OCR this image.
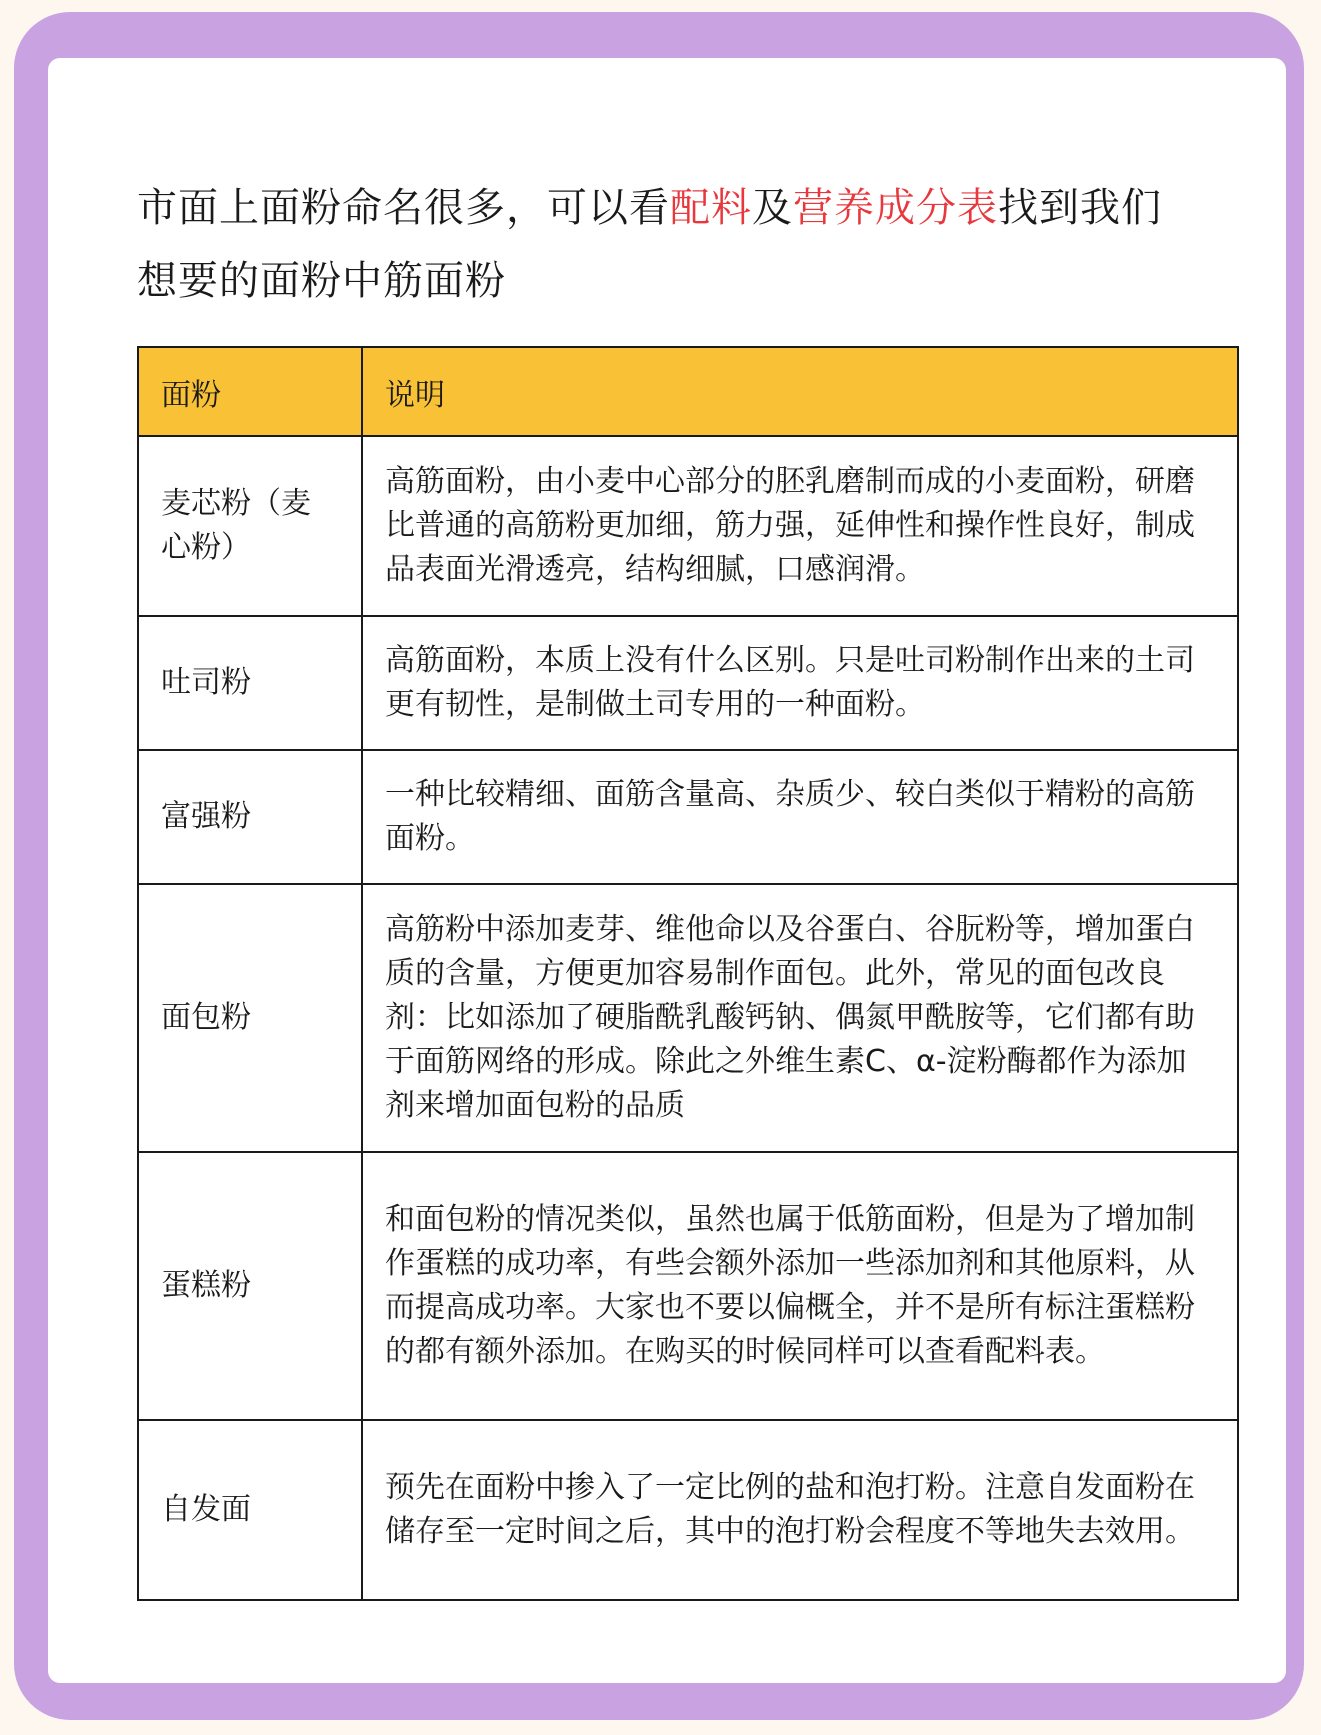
市面上面粉命名很多，可以看配料及营养成分表找到我们想要的面粉中筋面粉

面粉	说明
麦芯粉（麦心粉）	高筋面粉，由小麦中心部分的胚乳磨制而成的小麦面粉，研磨比普通的高筋粉更加细，筋力强，延伸性和操作性良好，制成品表面光滑透亮，结构细腻，口感润滑。
吐司粉	高筋面粉，本质上没有什么区别。只是吐司粉制作出来的土司更有韧性，是制做土司专用的一种面粉。
富强粉	一种比较精细、面筋含量高、杂质少、较白类似于精粉的高筋面粉。
面包粉	高筋粉中添加麦芽、维他命以及谷蛋白、谷朊粉等，增加蛋白质的含量，方便更加容易制作面包。此外，常见的面包改良剂：比如添加了硬脂酰乳酸钙钠、偶氮甲酰胺等，它们都有助于面筋网络的形成。除此之外维生素C、α-淀粉酶都作为添加剂来增加面包粉的品质
蛋糕粉	和面包粉的情况类似，虽然也属于低筋面粉，但是为了增加制作蛋糕的成功率，有些会额外添加一些添加剂和其他原料，从而提高成功率。大家也不要以偏概全，并不是所有标注蛋糕粉的都有额外添加。在购买的时候同样可以查看配料表。
自发面	预先在面粉中掺入了一定比例的盐和泡打粉。注意自发面粉在储存至一定时间之后，其中的泡打粉会程度不等地失去效用。
